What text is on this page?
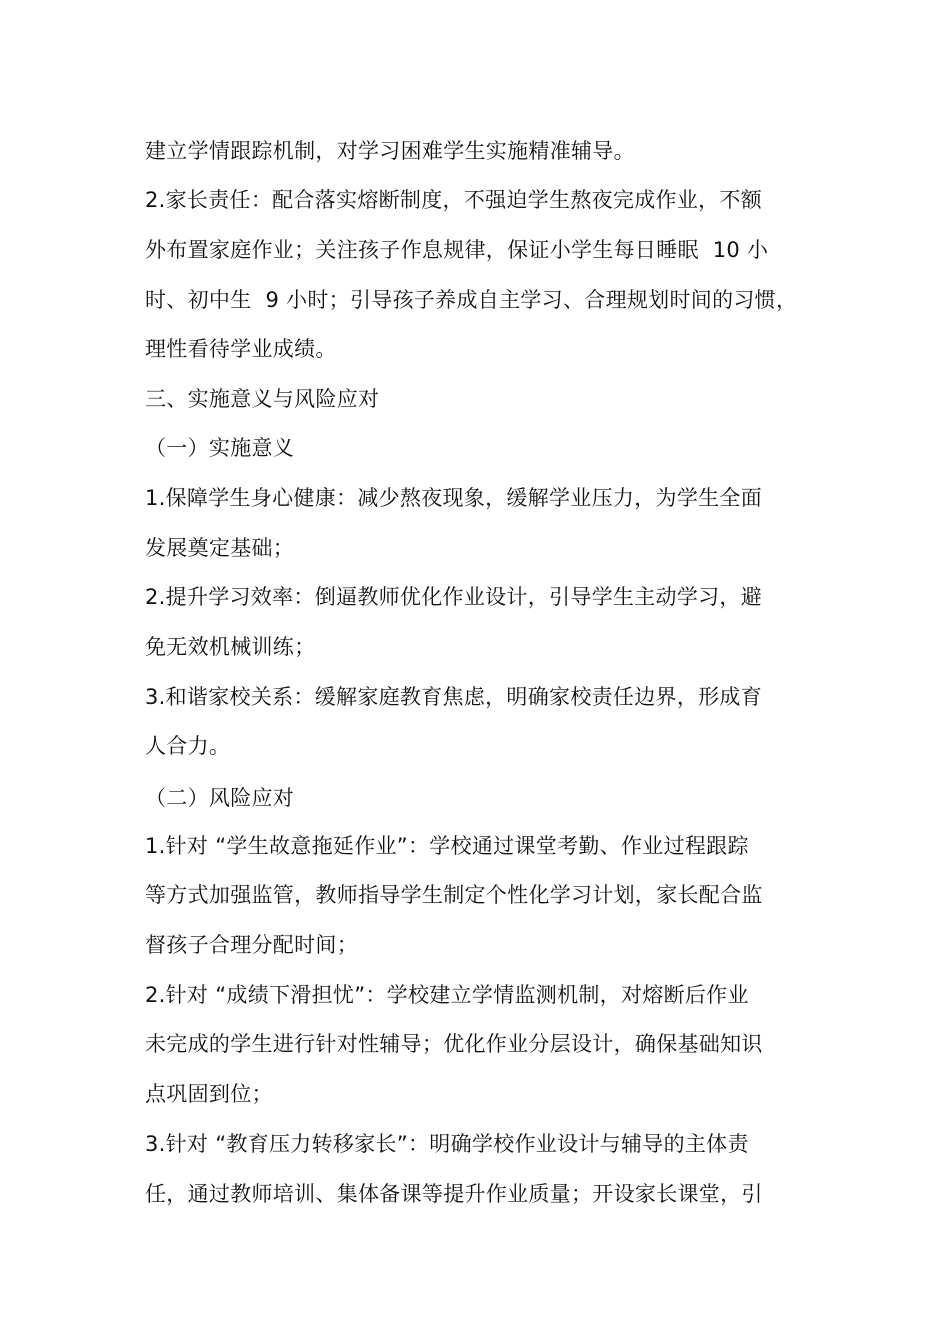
建立学情跟踪机制，对学习困难学生实施精准辅导。
2.家长责任：配合落实熔断制度，不强迫学生熬夜完成作业，不额
外布置家庭作业；关注孩子作息规律，保证小学生每日睡眠  10 小
时、初中生  9 小时；引导孩子养成自主学习、合理规划时间的习惯，
理性看待学业成绩。
三、实施意义与风险应对
（一）实施意义
1.保障学生身心健康：减少熬夜现象，缓解学业压力，为学生全面
发展奠定基础；
2.提升学习效率：倒逼教师优化作业设计，引导学生主动学习，避
免无效机械训练；
3.和谐家校关系：缓解家庭教育焦虑，明确家校责任边界，形成育
人合力。
（二）风险应对
1.针对 “学生故意拖延作业”：学校通过课堂考勤、作业过程跟踪
等方式加强监管，教师指导学生制定个性化学习计划，家长配合监
督孩子合理分配时间；
2.针对 “成绩下滑担忧”：学校建立学情监测机制，对熔断后作业
未完成的学生进行针对性辅导；优化作业分层设计，确保基础知识
点巩固到位；
3.针对 “教育压力转移家长”：明确学校作业设计与辅导的主体责
任，通过教师培训、集体备课等提升作业质量；开设家长课堂，引
